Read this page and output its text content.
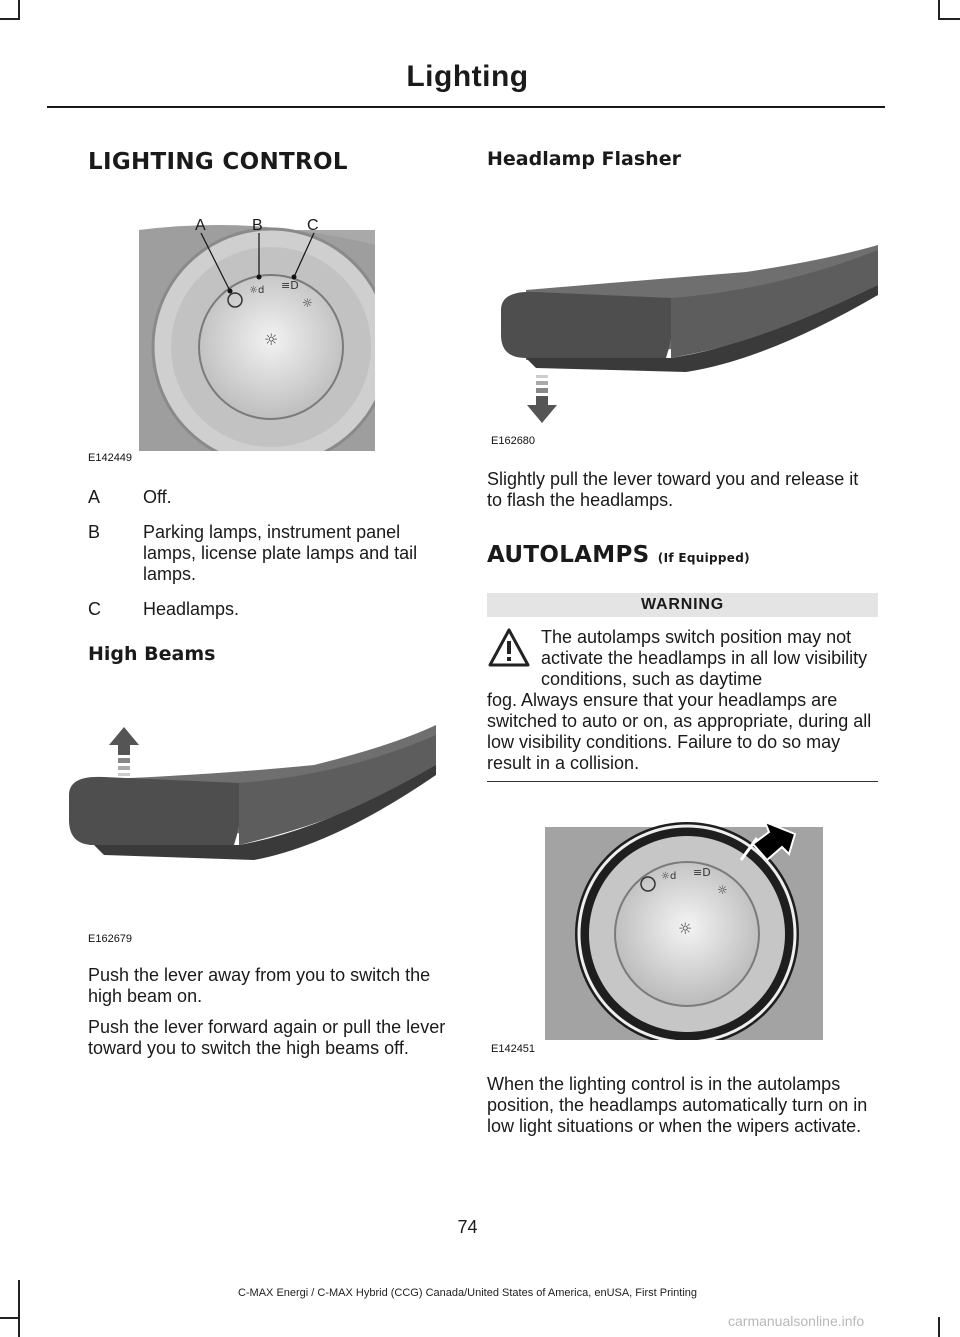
Lighting
LIGHTING CONTROL
☼d ≡D
☼
☼
A	B	C
E142449
A	Off.
B	Parking lamps, instrument panel lamps, license plate lamps and tail lamps.
C	Headlamps.
High Beams
E162679

Push the lever away from you to switch the high beam on.

Push the lever forward again or pull the lever toward you to switch the high beams off.

Headlamp Flasher
E162680

Slightly pull the lever toward you and release it to flash the headlamps.

AUTOLAMPS (If Equipped)
WARNING

The autolamps switch position may not activate the headlamps in all low visibility conditions, such as daytime

fog. Always ensure that your headlamps are switched to auto or on, as appropriate, during all low visibility conditions. Failure to do so may result in a collision.

☼d ≡D
☼
☼
E142451

When the lighting control is in the autolamps position, the headlamps automatically turn on in low light situations or when the wipers activate.

74
C-MAX Energi / C-MAX Hybrid (CCG) Canada/United States of America, enUSA, First Printing
carmanualsonline.info
